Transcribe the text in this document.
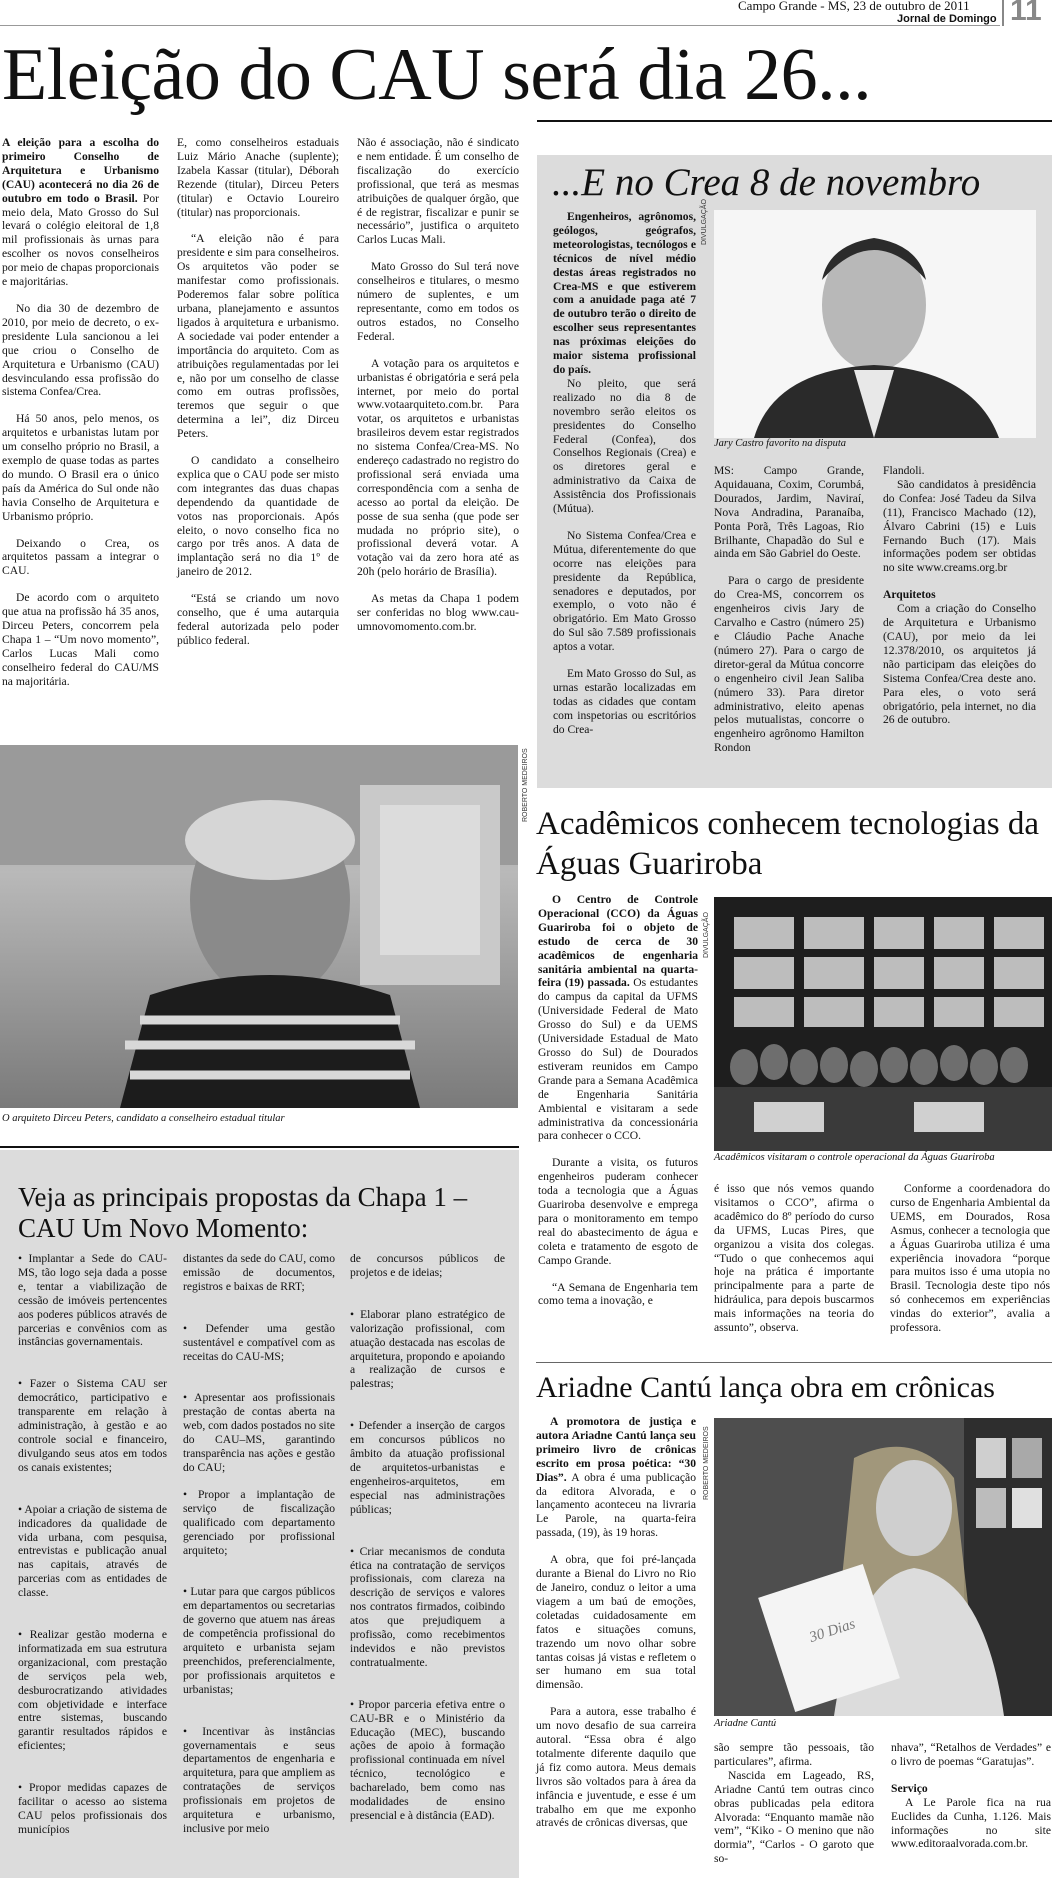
Campo Grande - MS, 23 de outubro de 2011
Jornal de Domingo 11
Eleição do CAU será dia 26...

A eleição para a escolha do primeiro Conselho de Arquitetura e Urbanismo (CAU) acontecerá no dia 26 de outubro em todo o Brasil. Por meio dela, Mato Grosso do Sul levará o colégio eleitoral de 1,8 mil profissionais às urnas para escolher os novos conselheiros por meio de chapas proporcionais e majoritárias.

No dia 30 de dezembro de 2010, por meio de decreto, o ex-presidente Lula sancionou a lei que criou o Conselho de Arquitetura e Urbanismo (CAU) desvinculando essa profissão do sistema Confea/Crea.

Há 50 anos, pelo menos, os arquitetos e urbanistas lutam por um conselho próprio no Brasil, a exemplo de quase todas as partes do mundo. O Brasil era o único país da América do Sul onde não havia Conselho de Arquitetura e Urbanismo próprio.

Deixando o Crea, os arquitetos passam a integrar o CAU.

De acordo com o arquiteto que atua na profissão há 35 anos, Dirceu Peters, concorrem pela Chapa 1 – “Um novo momento”, Carlos Lucas Mali como conselheiro federal do CAU/MS na majoritária.

E, como conselheiros estaduais Luiz Mário Anache (suplente); Izabela Kassar (titular), Déborah Rezende (titular), Dirceu Peters (titular) e Octavio Loureiro (titular) nas proporcionais.

“A eleição não é para presidente e sim para conselheiros. Os arquitetos vão poder se manifestar como profissionais. Poderemos falar sobre política urbana, planejamento e assuntos ligados à arquitetura e urbanismo. A sociedade vai poder entender a importância do arquiteto. Com as atribuições regulamentadas por lei e, não por um conselho de classe como em outras profissões, teremos que seguir o que determina a lei”, diz Dirceu Peters.

O candidato a conselheiro explica que o CAU pode ser misto com integrantes das duas chapas dependendo da quantidade de votos nas proporcionais. Após eleito, o novo conselho fica no cargo por três anos. A data de implantação será no dia 1º de janeiro de 2012.

“Está se criando um novo conselho, que é uma autarquia federal autorizada pelo poder público federal.

Não é associação, não é sindicato e nem entidade. É um conselho de fiscalização do exercício profissional, que terá as mesmas atribuições de qualquer órgão, que é de registrar, fiscalizar e punir se necessário”, justifica o arquiteto Carlos Lucas Mali.

Mato Grosso do Sul terá nove conselheiros e titulares, o mesmo número de suplentes, e um representante, como em todos os outros estados, no Conselho Federal.

A votação para os arquitetos e urbanistas é obrigatória e será pela internet, por meio do portal www.votaarquiteto.com.br. Para votar, os arquitetos e urbanistas brasileiros devem estar registrados no sistema Confea/Crea-MS. No endereço cadastrado no registro do profissional será enviada uma correspondência com a senha de acesso ao portal da eleição. De posse de sua senha (que pode ser mudada no próprio site), o profissional deverá votar. A votação vai da zero hora até as 20h (pelo horário de Brasília).

As metas da Chapa 1 podem ser conferidas no blog www.cau-umnovomomento.com.br.

ROBERTO MEDEIROS
O arquiteto Dirceu Peters, candidato a conselheiro estadual titular
...E no Crea 8 de novembro

Engenheiros, agrônomos, geólogos, geógrafos, meteorologistas, tecnólogos e técnicos de nível médio destas áreas registrados no Crea-MS e que estiverem com a anuidade paga até 7 de outubro terão o direito de escolher seus representantes nas próximas eleições do maior sistema profissional do país.

No pleito, que será realizado no dia 8 de novembro serão eleitos os presidentes do Conselho Federal (Confea), dos Conselhos Regionais (Crea) e os diretores geral e administrativo da Caixa de Assistência dos Profissionais (Mútua).

No Sistema Confea/Crea e Mútua, diferentemente do que ocorre nas eleições para presidente da República, senadores e deputados, por exemplo, o voto não é obrigatório. Em Mato Grosso do Sul são 7.589 profissionais aptos a votar.

Em Mato Grosso do Sul, as urnas estarão localizadas em todas as cidades que contam com inspetorias ou escritórios do Crea-

DIVULGAÇÃO
Jary Castro favorito na disputa

MS: Campo Grande, Aquidauana, Coxim, Corumbá, Dourados, Jardim, Naviraí, Nova Andradina, Paranaíba, Ponta Porã, Três Lagoas, Rio Brilhante, Chapadão do Sul e ainda em São Gabriel do Oeste.

Para o cargo de presidente do Crea-MS, concorrem os engenheiros civis Jary de Carvalho e Castro (número 25) e Cláudio Pache Anache (número 27). Para o cargo de diretor-geral da Mútua concorre o engenheiro civil Jean Saliba (número 33). Para diretor administrativo, eleito apenas pelos mutualistas, concorre o engenheiro agrônomo Hamilton Rondon

Flandoli.

São candidatos à presidência do Confea: José Tadeu da Silva (11), Francisco Machado (12), Álvaro Cabrini (15) e Luis Fernando Buch (17). Mais informações podem ser obtidas no site www.creams.org.br

Arquitetos

Com a criação do Conselho de Arquitetura e Urbanismo (CAU), por meio da lei 12.378/2010, os arquitetos já não participam das eleições do Sistema Confea/Crea deste ano. Para eles, o voto será obrigatório, pela internet, no dia 26 de outubro.

Acadêmicos conhecem tecnologias da Águas Guariroba

O Centro de Controle Operacional (CCO) da Águas Guariroba foi o objeto de estudo de cerca de 30 acadêmicos de engenharia sanitária ambiental na quarta-feira (19) passada. Os estudantes do campus da capital da UFMS (Universidade Federal de Mato Grosso do Sul) e da UEMS (Universidade Estadual de Mato Grosso do Sul) de Dourados estiveram reunidos em Campo Grande para a Semana Acadêmica de Engenharia Sanitária Ambiental e visitaram a sede administrativa da concessionária para conhecer o CCO.

Durante a visita, os futuros engenheiros puderam conhecer toda a tecnologia que a Águas Guariroba desenvolve e emprega para o monitoramento em tempo real do abastecimento de água e coleta e tratamento de esgoto de Campo Grande.

“A Semana de Engenharia tem como tema a inovação, e

DIVULGAÇÃO
Acadêmicos visitaram o controle operacional da Águas Guariroba

é isso que nós vemos quando visitamos o CCO”, afirma o acadêmico do 8º período do curso da UFMS, Lucas Pires, que organizou a visita dos colegas. “Tudo o que conhecemos aqui hoje na prática é importante principalmente para a parte de hidráulica, para depois buscarmos mais informações na teoria do assunto”, observa.

Conforme a coordenadora do curso de Engenharia Ambiental da UEMS, em Dourados, Rosa Asmus, conhecer a tecnologia que a Águas Guariroba utiliza é uma experiência inovadora “porque para muitos isso é uma utopia no Brasil. Tecnologia deste tipo nós só conhecemos em experiências vindas do exterior”, avalia a professora.

Veja as principais propostas da Chapa 1 – CAU Um Novo Momento:

• Implantar a Sede do CAU-MS, tão logo seja dada a posse e, tentar a viabilização de cessão de imóveis pertencentes aos poderes públicos através de parcerias e convênios com as instâncias governamentais.

• Fazer o Sistema CAU ser democrático, participativo e transparente em relação à administração, à gestão e ao controle social e financeiro, divulgando seus atos em todos os canais existentes;

• Apoiar a criação de sistema de indicadores da qualidade de vida urbana, com pesquisa, entrevistas e publicação anual nas capitais, através de parcerias com as entidades de classe.

• Realizar gestão moderna e informatizada em sua estrutura organizacional, com prestação de serviços pela web, desburocratizando atividades com objetividade e interface entre sistemas, buscando garantir resultados rápidos e eficientes;

• Propor medidas capazes de facilitar o acesso ao sistema CAU pelos profissionais dos municípios

distantes da sede do CAU, como emissão de documentos, registros e baixas de RRT;

• Defender uma gestão sustentável e compatível com as receitas do CAU-MS;

• Apresentar aos profissionais prestação de contas aberta na web, com dados postados no site do CAU–MS, garantindo transparência nas ações e gestão do CAU;

• Propor a implantação de serviço de fiscalização qualificado com departamento gerenciado por profissional arquiteto;

• Lutar para que cargos públicos em departamentos ou secretarias de governo que atuem nas áreas de competência profissional do arquiteto e urbanista sejam preenchidos, preferencialmente, por profissionais arquitetos e urbanistas;

• Incentivar às instâncias governamentais e seus departamentos de engenharia e arquitetura, para que ampliem as contratações de serviços profissionais em projetos de arquitetura e urbanismo, inclusive por meio

de concursos públicos de projetos e de ideias;

• Elaborar plano estratégico de valorização profissional, com atuação destacada nas escolas de arquitetura, propondo e apoiando a realização de cursos e palestras;

• Defender a inserção de cargos em concursos públicos no âmbito da atuação profissional de arquitetos-urbanistas e engenheiros-arquitetos, em especial nas administrações públicas;

• Criar mecanismos de conduta ética na contratação de serviços profissionais, com clareza na descrição de serviços e valores nos contratos firmados, coibindo atos que prejudiquem a profissão, como recebimentos indevidos e não previstos contratualmente.

• Propor parceria efetiva entre o CAU-BR e o Ministério da Educação (MEC), buscando ações de apoio à formação profissional continuada em nível técnico, tecnológico e bacharelado, bem como nas modalidades de ensino presencial e à distância (EAD).

Ariadne Cantú lança obra em crônicas

A promotora de justiça e autora Ariadne Cantú lança seu primeiro livro de crônicas escrito em prosa poética: “30 Dias”. A obra é uma publicação da editora Alvorada, e o lançamento aconteceu na livraria Le Parole, na quarta-feira passada, (19), às 19 horas.

A obra, que foi pré-lançada durante a Bienal do Livro no Rio de Janeiro, conduz o leitor a uma viagem a um baú de emoções, coletadas cuidadosamente em fatos e situações comuns, trazendo um novo olhar sobre tantas coisas já vistas e refletem o ser humano em sua total dimensão.

Para a autora, esse trabalho é um novo desafio de sua carreira autoral. “Essa obra é algo totalmente diferente daquilo que já fiz como autora. Meus demais livros são voltados para à área da infância e juventude, e esse é um trabalho em que me exponho através de crônicas diversas, que

30 Dias
ROBERTO MEDEIROS
Ariadne Cantú

são sempre tão pessoais, tão particulares”, afirma.

Nascida em Lageado, RS, Ariadne Cantú tem outras cinco obras publicadas pela editora Alvorada: “Enquanto mamãe não vem”, “Kiko - O menino que não dormia”, “Carlos - O garoto que so-

nhava”, “Retalhos de Verdades” e o livro de poemas “Garatujas”.

Serviço

A Le Parole fica na rua Euclides da Cunha, 1.126. Mais informações no site www.editoraalvorada.com.br.
